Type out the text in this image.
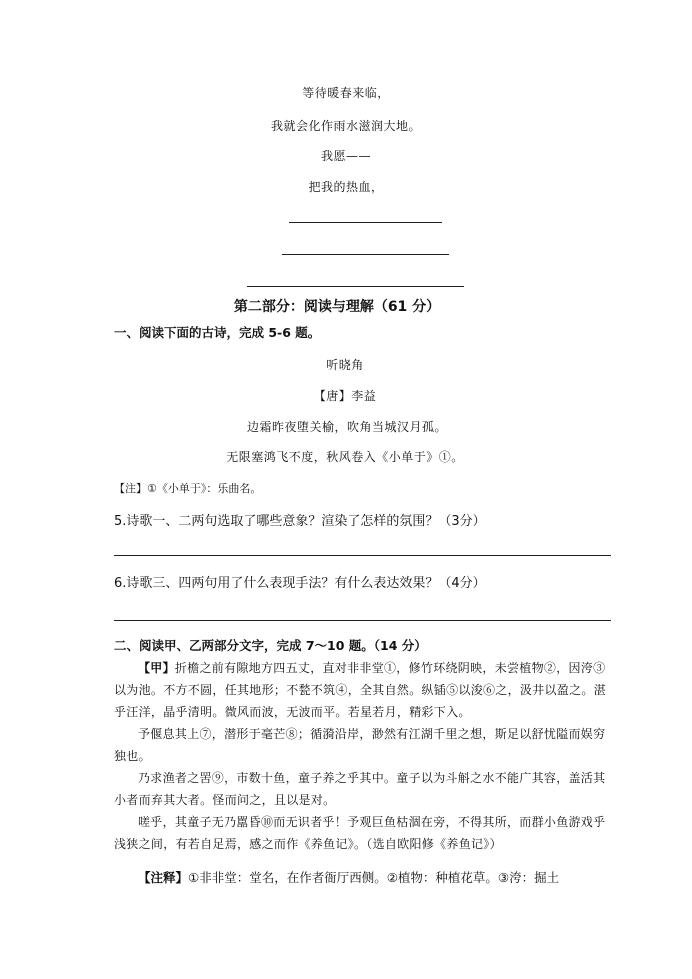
等待暖春来临，
我就会化作雨水滋润大地。
我愿——
把我的热血，
第二部分：阅读与理解（61 分）
一、阅读下面的古诗，完成 5-6 题。
听晓角
【唐】李益
边霜昨夜堕关榆，吹角当城汉月孤。
无限塞鸿飞不度，秋风卷入《小单于》①。
【注】①《小单于》：乐曲名。
5.诗歌一、二两句选取了哪些意象？渲染了怎样的氛围？（3分）
6.诗歌三、四两句用了什么表现手法？有什么表达效果？（4分）
二、阅读甲、乙两部分文字，完成 7～10 题。（14 分）
【甲】折檐之前有隙地方四五丈，直对非非堂①，修竹环绕阴映，未尝植物②，因洿③以为池。不方不圆，任其地形；不甃不筑④，全其自然。纵锸⑤以浚⑥之，汲井以盈之。湛乎汪洋，晶乎清明。微风而波，无波而平。若星若月，精彩下入。
予偃息其上⑦，潜形于毫芒⑧；循漪沿岸，渺然有江湖千里之想，斯足以舒忧隘而娱穷独也。
乃求渔者之罟⑨，市数十鱼，童子养之乎其中。童子以为斗斛之水不能广其容，盖活其小者而弃其大者。怪而问之，且以是对。
嗟乎，其童子无乃嚚昏⑩而无识者乎！予观巨鱼枯涸在旁，不得其所，而群小鱼游戏乎浅狭之间，有若自足焉，感之而作《养鱼记》。（选自欧阳修《养鱼记》）
【注释】①非非堂：堂名，在作者衙厅西侧。②植物：种植花草。③洿：掘土
